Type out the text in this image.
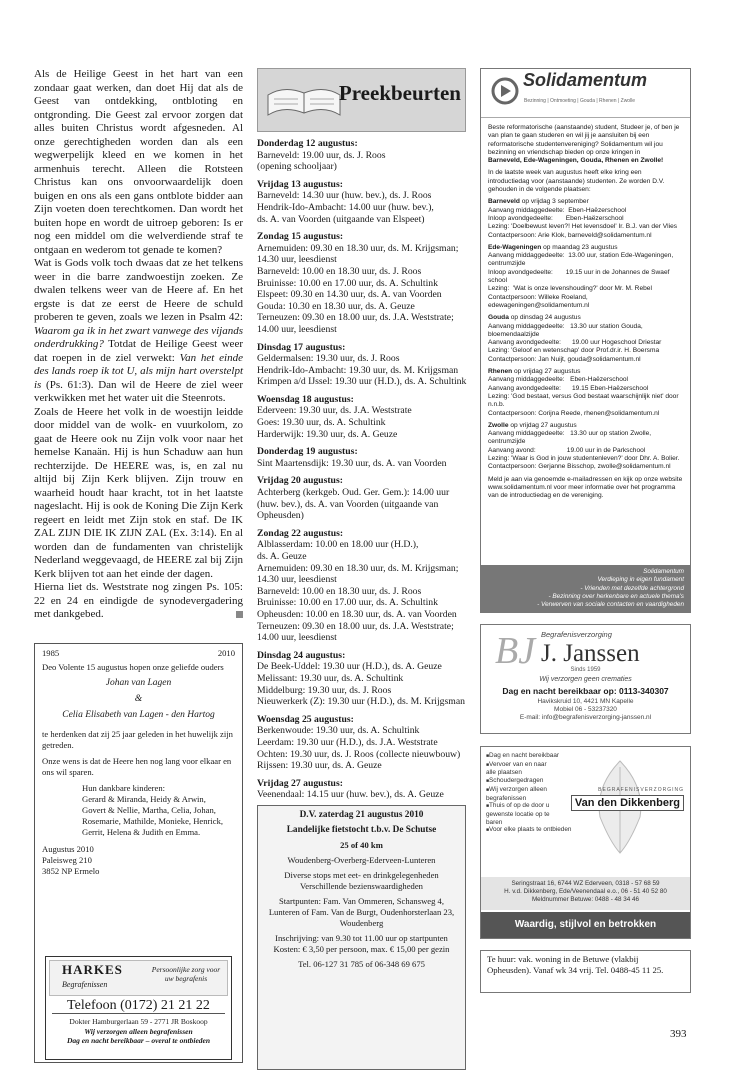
Als de Heilige Geest in het hart van een zondaar gaat werken, dan doet Hij dat als de Geest van ontdekking, ontbloting en ontgronding. Die Geest zal ervoor zorgen dat alles buiten Christus wordt afgesneden. Al onze gerechtigheden worden dan als een wegwerpelijk kleed en we komen in het armenhuis terecht. Alleen die Rotsteen Christus kan ons onvoorwaardelijk doen buigen en ons als een gans ontblote bidder aan Zijn voeten doen terechtkomen. Dan wordt het buiten hope en wordt de uitroep geboren: Is er nog een middel om die welverdiende straf te ontgaan en wederom tot genade te komen?

Wat is Gods volk toch dwaas dat ze het telkens weer in die barre zandwoestijn zoeken. Ze dwalen telkens weer van de Heere af. En het ergste is dat ze eerst de Heere de schuld proberen te geven, zoals we lezen in Psalm 42: Waarom ga ik in het zwart vanwege des vijands onderdrukking? Totdat de Heilige Geest weer dat roepen in de ziel verwekt: Van het einde des lands roep ik tot U, als mijn hart overstelpt is (Ps. 61:3). Dan wil de Heere de ziel weer verkwikken met het water uit die Steenrots.

Zoals de Heere het volk in de woestijn leidde door middel van de wolk- en vuurkolom, zo gaat de Heere ook nu Zijn volk voor naar het hemelse Kanaän. Hij is hun Schaduw aan hun rechterzijde. De HEERE was, is, en zal nu altijd bij Zijn Kerk blijven. Zijn trouw en waarheid houdt haar kracht, tot in het laatste nageslacht. Hij is ook de Koning Die Zijn Kerk regeert en leidt met Zijn stok en staf. De IK ZAL ZIJN DIE IK ZIJN ZAL (Ex. 3:14). En al worden dan de fundamenten van christelijk Nederland weggevaagd, de HEERE zal bij Zijn Kerk blijven tot aan het einde der dagen.

Hierna liet ds. Weststrate nog zingen Ps. 105: 22 en 24 en eindigde de synodevergadering met dankgebed.

1985	2010

Deo Volente 15 augustus hopen onze geliefde ouders

Johan van Lagen

&

Celia Elisabeth van Lagen - den Hartog

te herdenken dat zij 25 jaar geleden in het huwelijk zijn getreden.

Onze wens is dat de Heere hen nog lang voor elkaar en ons wil sparen.

Hun dankbare kinderen:
Gerard & Miranda, Heidy & Arwin,
Govert & Nellie, Martha, Celia, Johan,
Rosemarie, Mathilde, Monieke, Henrick,
Gerrit, Helena & Judith en Emma.
Augustus 2010
Paleisweg 210
3852 NP Ermelo
HARKES
Begrafenissen
Persoonlijke zorg voor uw begrafenis
Telefoon (0172) 21 21 22
Dokter Hamburgerlaan 59 - 2771 JR Boskoop
Wij verzorgen alleen begrafenissen
Dag en nacht bereikbaar – overal te ontbieden
Preekbeurten
Donderdag 12 augustus:
Barneveld: 19.00 uur, ds. J. Roos
(opening schooljaar)
Vrijdag 13 augustus:
Barneveld: 14.30 uur (huw. bev.), ds. J. Roos
Hendrik-Ido-Ambacht: 14.00 uur (huw. bev.),
ds. A. van Voorden (uitgaande van Elspeet)
Zondag 15 augustus:
Arnemuiden: 09.30 en 18.30 uur, ds. M. Krijgsman;
14.30 uur, leesdienst
Barneveld: 10.00 en 18.30 uur, ds. J. Roos
Bruinisse: 10.00 en 17.00 uur, ds. A. Schultink
Elspeet: 09.30 en 14.30 uur, ds. A. van Voorden
Gouda: 10.30 en 18.30 uur, ds. A. Geuze
Terneuzen: 09.30 en 18.00 uur, ds. J.A. Weststrate;
14.00 uur, leesdienst
Dinsdag 17 augustus:
Geldermalsen: 19.30 uur, ds. J. Roos
Hendrik-Ido-Ambacht: 19.30 uur, ds. M. Krijgsman
Krimpen a/d IJssel: 19.30 uur (H.D.), ds. A. Schultink
Woensdag 18 augustus:
Ederveen: 19.30 uur, ds. J.A. Weststrate
Goes: 19.30 uur, ds. A. Schultink
Harderwijk: 19.30 uur, ds. A. Geuze
Donderdag 19 augustus:
Sint Maartensdijk: 19.30 uur, ds. A. van Voorden
Vrijdag 20 augustus:
Achterberg (kerkgeb. Oud. Ger. Gem.): 14.00 uur
(huw. bev.), ds. A. van Voorden (uitgaande van
Opheusden)
Zondag 22 augustus:
Alblasserdam: 10.00 en 18.00 uur (H.D.),
ds. A. Geuze
Arnemuiden: 09.30 en 18.30 uur, ds. M. Krijgsman;
14.30 uur, leesdienst
Barneveld: 10.00 en 18.30 uur, ds. J. Roos
Bruinisse: 10.00 en 17.00 uur, ds. A. Schultink
Opheusden: 10.00 en 18.30 uur, ds. A. van Voorden
Terneuzen: 09.30 en 18.00 uur, ds. J.A. Weststrate;
14.00 uur, leesdienst
Dinsdag 24 augustus:
De Beek-Uddel: 19.30 uur (H.D.), ds. A. Geuze
Melissant: 19.30 uur, ds. A. Schultink
Middelburg: 19.30 uur, ds. J. Roos
Nieuwerkerk (Z): 19.30 uur (H.D.), ds. M. Krijgsman
Woensdag 25 augustus:
Berkenwoude: 19.30 uur, ds. A. Schultink
Leerdam: 19.30 uur (H.D.), ds. J.A. Weststrate
Ochten: 19.30 uur, ds. J. Roos (collecte nieuwbouw)
Rijssen: 19.30 uur, ds. A. Geuze
Vrijdag 27 augustus:
Veenendaal: 14.15 uur (huw. bev.), ds. A. Geuze

D.V. zaterdag 21 augustus 2010

Landelijke fietstocht t.b.v. De Schutse

25 of 40 km

Woudenberg-Overberg-Ederveen-Lunteren

Diverse stops met eet- en drinkgelegenheden Verschillende bezienswaardigheden

Startpunten: Fam. Van Ommeren, Schansweg 4, Lunteren of Fam. Van de Burgt, Oudenhorsterlaan 23, Woudenberg

Inschrijving: van 9.30 tot 11.00 uur op startpunten

Kosten: € 3,50 per persoon, max. € 15,00 per gezin

Tel. 06-127 31 785 of 06-348 69 675

Solidamentum
Bezinning | Ontmoeting | Gouda | Rhenen | Zwolle

Beste reformatorische (aanstaande) student, Studeer je, of ben je van plan te gaan studeren en wil jij je aansluiten bij een reformatorische studentenvereniging? Solidamentum wil jou bezinning en vriendschap bieden op onze kringen in
Barneveld, Ede-Wageningen, Gouda, Rhenen en Zwolle!

In de laatste week van augustus heeft elke kring een introductiedag voor (aanstaande) studenten. Ze worden D.V. gehouden in de volgende plaatsen:

Barneveld op vrijdag 3 september
Aanvang middaggedeelte:  Eben-Haëzerschool
Inloop avondgedeelte:       Eben-Haëzerschool
Lezing: 'Doelbewust leven?! Het levensdoel' Ir. B.J. van der Vlies
Contactpersoon: Arie Klok, barneveld@solidamentum.nl

Ede-Wageningen op maandag 23 augustus
Aanvang middaggedeelte:  13.00 uur, station Ede-Wageningen, centrumzijde
Inloop avondgedeelte:       19.15 uur in de Johannes de Swaef school
Lezing:  'Wat is onze levenshouding?' door Mr. M. Rebel
Contactpersoon: Willeke Roeland, edewageningen@solidamentum.nl

Gouda op dinsdag 24 augustus
Aanvang middaggedeelte:   13.30 uur station Gouda, bloemendaalzijde
Aanvang avondgedeelte:      19.00 uur Hogeschool Driestar
Lezing: 'Geloof en wetenschap' door Prof.dr.ir. H. Boersma
Contactpersoon: Jan Nuijt, gouda@solidamentum.nl

Rhenen op vrijdag 27 augustus
Aanvang middaggedeelte:   Eben-Haëzerschool
Aanvang avondgedeelte:      19.15 Eben-Haëzerschool
Lezing: 'God bestaat, versus God bestaat waarschijnlijk niet' door n.n.b.
Contactpersoon: Corijna Reede, rhenen@solidamentum.nl

Zwolle op vrijdag 27 augustus
Aanvang middaggedeelte:   13.30 uur op station Zwolle, centrumzijde
Aanvang avond:                 19.00 uur in de Parkschool
Lezing: 'Waar is God in jouw studentenleven?' door Dhr. A. Bolier.
Contactpersoon: Gerjanne Bisschop, zwolle@solidamentum.nl

Meld je aan via genoemde e-mailadressen en kijk op onze website www.solidamentum.nl voor meer informatie over het programma van de introductiedag en de vereniging.

Solidamentum
Verdieping in eigen fundament
- Vrienden met dezelfde achtergrond
- Bezinning over herkenbare en actuele thema's
- Verwerven van sociale contacten en vaardigheden
BJ Begrafenisverzorging
J. Janssen
Sinds 1959
Wij verzorgen geen crematies
Dag en nacht bereikbaar op: 0113-340307
Havikskruid 10, 4421 MN Kapelle
Mobiel 06 - 53237320
E-mail: info@begrafenisverzorging-janssen.nl
■ Dag en nacht bereikbaar
■ Vervoer van en naar alle plaatsen
■ Schoudergedragen
■ Wij verzorgen alleen begrafenissen
■ Thuis of op de door u gewenste locatie op te baren
■ Voor elke plaats te ontbieden
BEGRAFENISVERZORGING
Van den Dikkenberg
Seringstraat 16, 6744 WZ Ederveen, 0318 - 57 68 59
H. v.d. Dikkenberg, Ede/Veenendaal e.o., 06 - 51 40 52 80
Meldnummer Betuwe: 0488 - 48 34 46
Waardig, stijlvol en betrokken
Te huur: vak. woning in de Betuwe (vlakbij Opheusden). Vanaf wk 34 vrij. Tel. 0488-45 11 25.
393
